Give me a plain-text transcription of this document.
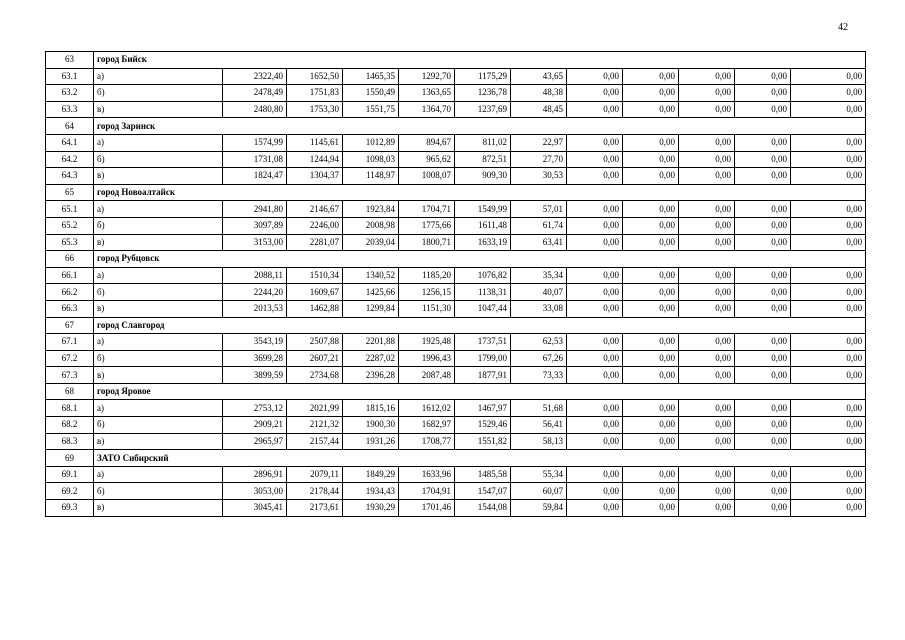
42
63	город Бийск											
63.1	а)	2322,40	1652,50	1465,35	1292,70	1175,29	43,65	0,00	0,00	0,00	0,00	0,00
63.2	б)	2478,49	1751,83	1550,49	1363,65	1236,78	48,38	0,00	0,00	0,00	0,00	0,00
63.3	в)	2480,80	1753,30	1551,75	1364,70	1237,69	48,45	0,00	0,00	0,00	0,00	0,00
64	город Заринск											
64.1	а)	1574,99	1145,61	1012,89	894,67	811,02	22,97	0,00	0,00	0,00	0,00	0,00
64.2	б)	1731,08	1244,94	1098,03	965,62	872,51	27,70	0,00	0,00	0,00	0,00	0,00
64.3	в)	1824,47	1304,37	1148,97	1008,07	909,30	30,53	0,00	0,00	0,00	0,00	0,00
65	город Новоалтайск											
65.1	а)	2941,80	2146,67	1923,84	1704,71	1549,99	57,01	0,00	0,00	0,00	0,00	0,00
65.2	б)	3097,89	2246,00	2008,98	1775,66	1611,48	61,74	0,00	0,00	0,00	0,00	0,00
65.3	в)	3153,00	2281,07	2039,04	1800,71	1633,19	63,41	0,00	0,00	0,00	0,00	0,00
66	город Рубцовск											
66.1	а)	2088,11	1510,34	1340,52	1185,20	1076,82	35,34	0,00	0,00	0,00	0,00	0,00
66.2	б)	2244,20	1609,67	1425,66	1256,15	1138,31	40,07	0,00	0,00	0,00	0,00	0,00
66.3	в)	2013,53	1462,88	1299,84	1151,30	1047,44	33,08	0,00	0,00	0,00	0,00	0,00
67	город Славгород											
67.1	а)	3543,19	2507,88	2201,88	1925,48	1737,51	62,53	0,00	0,00	0,00	0,00	0,00
67.2	б)	3699,28	2607,21	2287,02	1996,43	1799,00	67,26	0,00	0,00	0,00	0,00	0,00
67.3	в)	3899,59	2734,68	2396,28	2087,48	1877,91	73,33	0,00	0,00	0,00	0,00	0,00
68	город Яровое											
68.1	а)	2753,12	2021,99	1815,16	1612,02	1467,97	51,68	0,00	0,00	0,00	0,00	0,00
68.2	б)	2909,21	2121,32	1900,30	1682,97	1529,46	56,41	0,00	0,00	0,00	0,00	0,00
68.3	в)	2965,97	2157,44	1931,26	1708,77	1551,82	58,13	0,00	0,00	0,00	0,00	0,00
69	ЗАТО Сибирский											
69.1	а)	2896,91	2079,11	1849,29	1633,96	1485,58	55,34	0,00	0,00	0,00	0,00	0,00
69.2	б)	3053,00	2178,44	1934,43	1704,91	1547,07	60,07	0,00	0,00	0,00	0,00	0,00
69.3	в)	3045,41	2173,61	1930,29	1701,46	1544,08	59,84	0,00	0,00	0,00	0,00	0,00
